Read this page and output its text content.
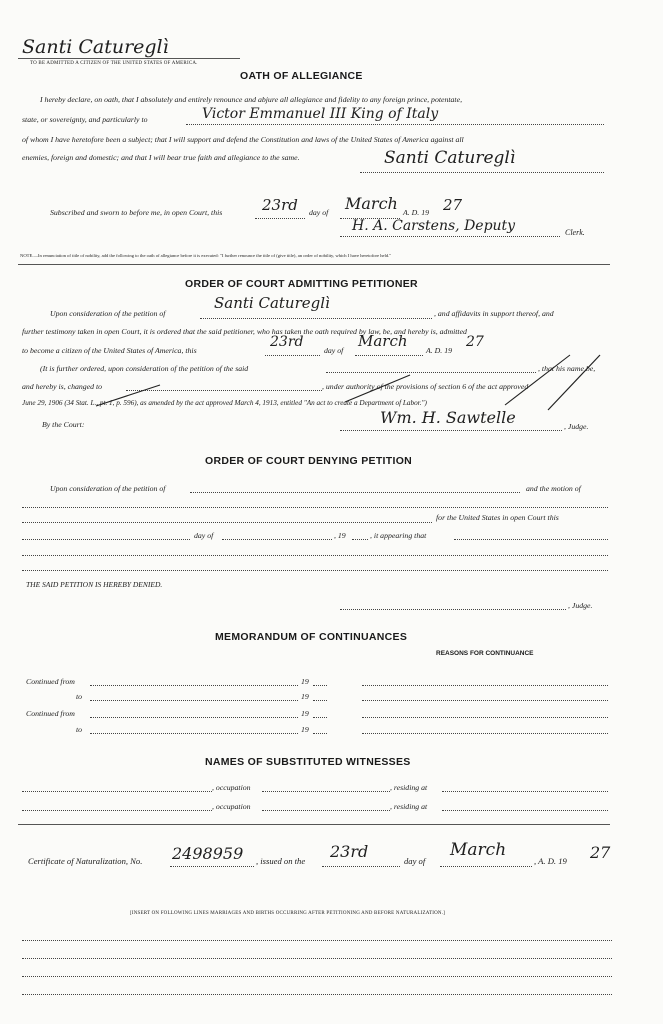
Santi Catureglì
TO BE ADMITTED A CITIZEN OF THE UNITED STATES OF AMERICA.
OATH OF ALLEGIANCE
I hereby declare, on oath, that I absolutely and entirely renounce and abjure all allegiance and fidelity to any foreign prince, potentate,
state, or sovereignty, and particularly to	Victor Emmanuel III King of Italy
of whom I have heretofore been a subject; that I will support and defend the Constitution and laws of the United States of America against all
enemies, foreign and domestic; and that I will bear true faith and allegiance to the same.	Santi Catureglì
Subscribed and sworn to before me, in open Court, this	23rd day of March A. D. 19 27
H. A. Carstens, Deputy	Clerk.
NOTE.—In renunciation of title of nobility, add the following to the oath of allegiance before it is executed: "I further renounce the title of (give title), an order of nobility, which I have heretofore held."
ORDER OF COURT ADMITTING PETITIONER
Upon consideration of the petition of
Santi Catureglì
, and affidavits in support thereof, and
further testimony taken in open Court, it is ordered that the said petitioner, who has taken the oath required by law, be, and hereby is, admitted
to become a citizen of the United States of America, this
23rd
day of
March
A. D. 19
27
(It is further ordered, upon consideration of the petition of the said	, that his name be,
and hereby is, changed to	, under authority of the provisions of section 6 of the act approved
June 29, 1906 (34 Stat. L., pt. 1, p. 596), as amended by the act approved March 4, 1913, entitled "An act to create a Department of Labor.")
By the Court:	Wm. H. Sawtelle	, Judge.
ORDER OF COURT DENYING PETITION
Upon consideration of the petition of	and the motion of
for the United States in open Court this
day of	, 19	, it appearing that
THE SAID PETITION IS HEREBY DENIED.
, Judge.
MEMORANDUM OF CONTINUANCES
REASONS FOR CONTINUANCE
Continued from	19
to	19
Continued from	19
to	19
NAMES OF SUBSTITUTED WITNESSES
, occupation	, residing at
, occupation	, residing at
Certificate of Naturalization, No. 2498959 , issued on the 23rd	day of
March
, A. D. 19 27
[INSERT ON FOLLOWING LINES MARRIAGES AND BIRTHS OCCURRING AFTER PETITIONING AND BEFORE NATURALIZATION.]
